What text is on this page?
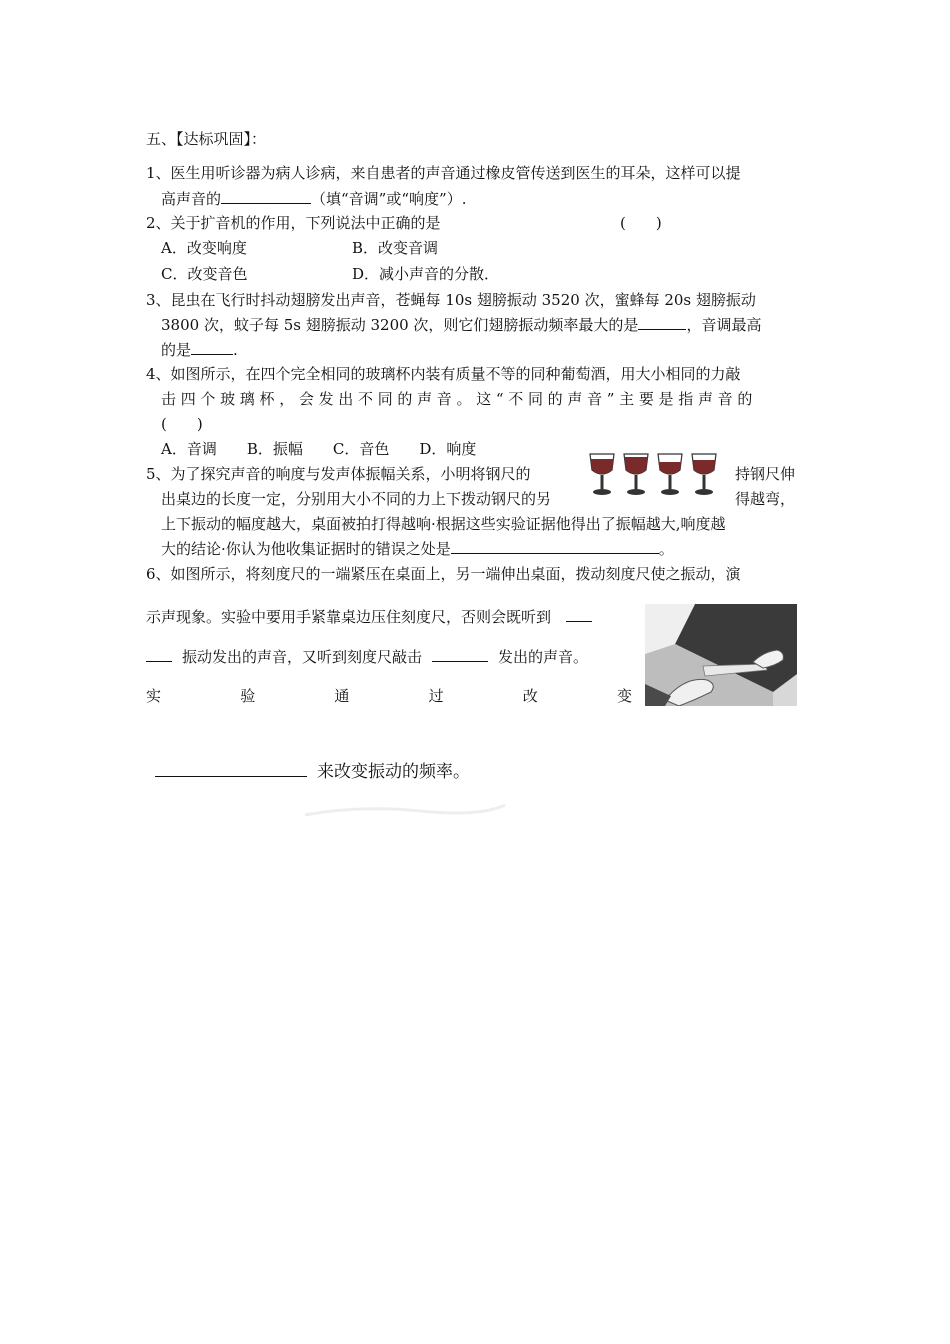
五、【达标巩固】：
1、医生用听诊器为病人诊病，来自患者的声音通过橡皮管传送到医生的耳朵，这样可以提
高声音的	（填“音调”或“响度”）.
2、关于扩音机的作用，下列说法中正确的是	(　　)
A．改变响度	B．改变音调
C．改变音色	D．减小声音的分散．
3、昆虫在飞行时抖动翅膀发出声音，苍蝇每 10s 翅膀振动 3520 次，蜜蜂每 20s 翅膀振动
3800 次，蚊子每 5s 翅膀振动 3200 次，则它们翅膀振动频率最大的是	，音调最高
的是	.
4、如图所示，在四个完全相同的玻璃杯内装有质量不等的同种葡萄酒，用大小相同的力敲
击四个玻璃杯，会发出不同的声音。这“不同的声音”主要是指声音的
(　　)
A．音调　　B．振幅　　C．音色　　D．响度
5、为了探究声音的响度与发声体振幅关系，小明将钢尺的	持钢尺伸
出桌边的长度一定，分别用大小不同的力上下拨动钢尺的另	得越弯，
上下振动的幅度越大，桌面被拍打得越响·根据这些实验证据他得出了振幅越大,响度越
大的结论·你认为他收集证据时的错误之处是	。
6、如图所示，将刻度尺的一端紧压在桌面上，另一端伸出桌面，拨动刻度尺使之振动，演
示声现象。实验中要用手紧靠桌边压住刻度尺，否则会既听到
振动发出的声音，又听到刻度尺敲击	发出的声音。
实	验	通	过	改	变
来改变振动的频率。
